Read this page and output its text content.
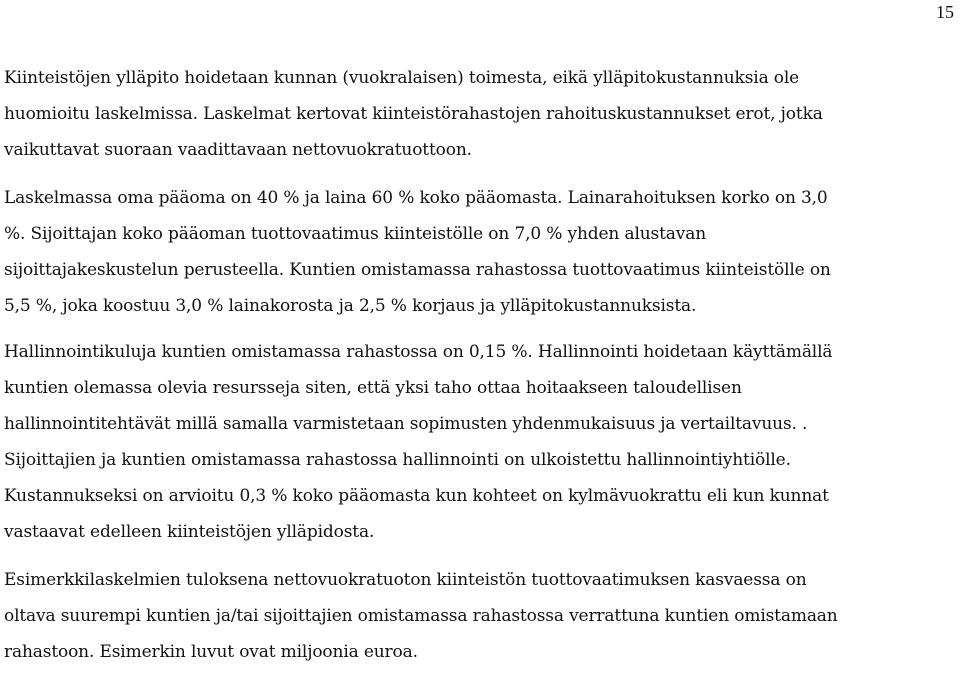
15

Kiinteistöjen ylläpito hoidetaan kunnan (vuokralaisen) toimesta, eikä ylläpitokustannuksia ole
huomioitu laskelmissa. Laskelmat kertovat kiinteistörahastojen rahoituskustannukset erot, jotka
vaikuttavat suoraan vaadittavaan nettovuokratuottoon.

Laskelmassa oma pääoma on 40 % ja laina 60 % koko pääomasta. Lainarahoituksen korko on 3,0
%. Sijoittajan koko pääoman tuottovaatimus kiinteistölle on 7,0 % yhden alustavan
sijoittajakeskustelun perusteella. Kuntien omistamassa rahastossa tuottovaatimus kiinteistölle on
5,5 %, joka koostuu 3,0 % lainakorosta ja 2,5 % korjaus ja ylläpitokustannuksista.

Hallinnointikuluja kuntien omistamassa rahastossa on 0,15 %. Hallinnointi hoidetaan käyttämällä
kuntien olemassa olevia resursseja siten, että yksi taho ottaa hoitaakseen taloudellisen
hallinnointitehtävät millä samalla varmistetaan sopimusten yhdenmukaisuus ja vertailtavuus. .
Sijoittajien ja kuntien omistamassa rahastossa hallinnointi on ulkoistettu hallinnointiyhtiölle.
Kustannukseksi on arvioitu 0,3 % koko pääomasta kun kohteet on kylmävuokrattu eli kun kunnat
vastaavat edelleen kiinteistöjen ylläpidosta.

Esimerkkilaskelmien tuloksena nettovuokratuoton kiinteistön tuottovaatimuksen kasvaessa on
oltava suurempi kuntien ja/tai sijoittajien omistamassa rahastossa verrattuna kuntien omistamaan
rahastoon. Esimerkin luvut ovat miljoonia euroa.
